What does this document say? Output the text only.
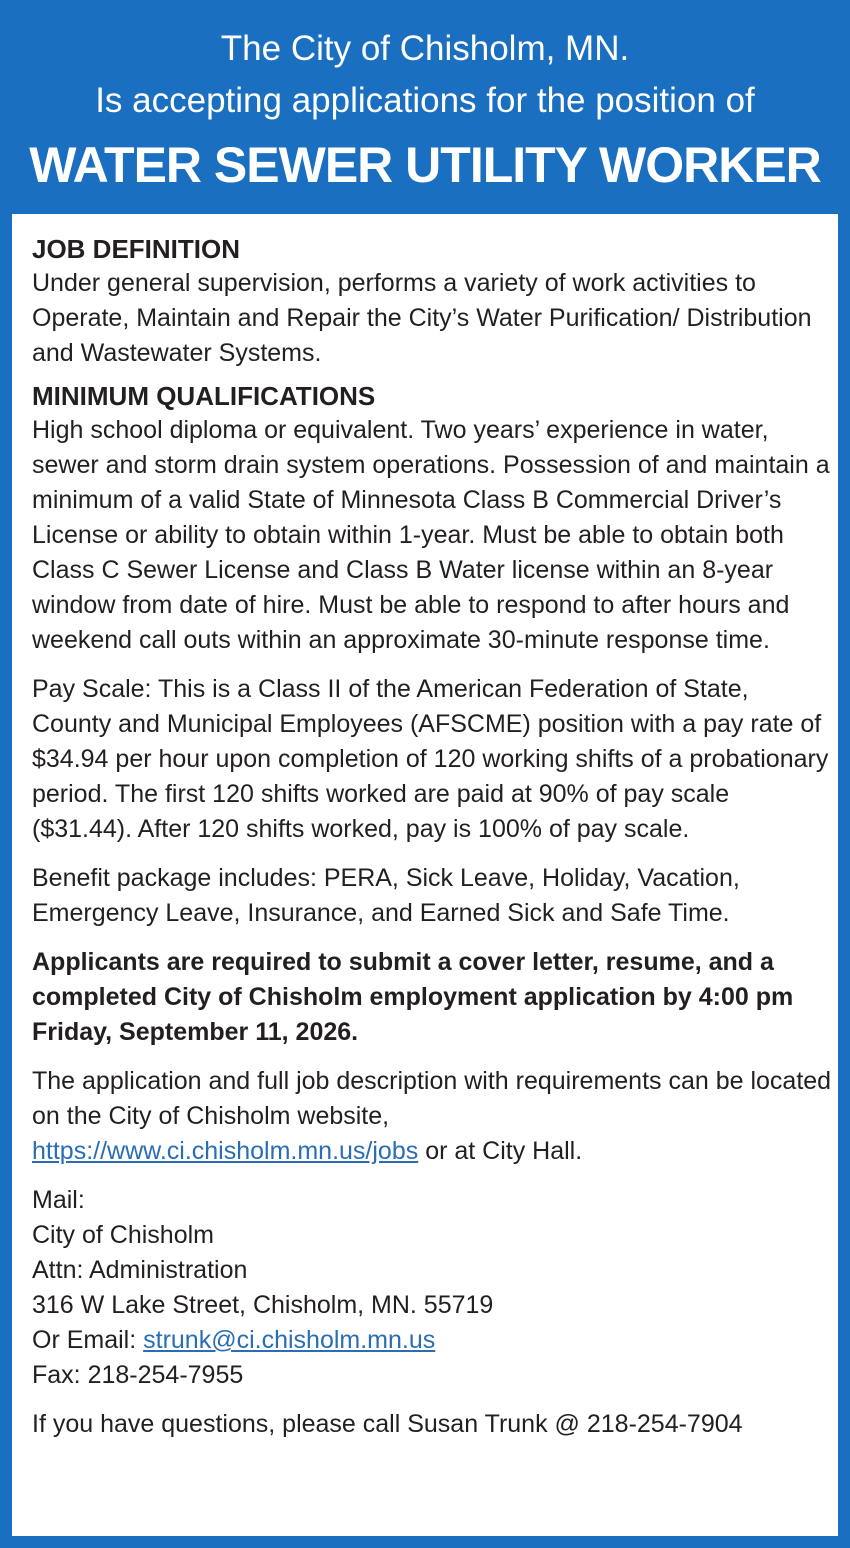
The City of Chisholm, MN.
Is accepting applications for the position of
WATER SEWER UTILITY WORKER
JOB DEFINITION

Under general supervision, performs a variety of work activities to Operate, Maintain and Repair the City’s Water Purification/ Distribution and Wastewater Systems.

MINIMUM QUALIFICATIONS

High school diploma or equivalent. Two years’ experience in water, sewer and storm drain system operations. Possession of and maintain a minimum of a valid State of Minnesota Class B Commercial Driver’s License or ability to obtain within 1-year. Must be able to obtain both Class C Sewer License and Class B Water license within an 8-year window from date of hire. Must be able to respond to after hours and weekend call outs within an approximate 30-minute response time.

Pay Scale: This is a Class II of the American Federation of State, County and Municipal Employees (AFSCME) position with a pay rate of $34.94 per hour upon completion of 120 working shifts of a probationary period. The first 120 shifts worked are paid at 90% of pay scale ($31.44). After 120 shifts worked, pay is 100% of pay scale.

Benefit package includes: PERA, Sick Leave, Holiday, Vacation, Emergency Leave, Insurance, and Earned Sick and Safe Time.

Applicants are required to submit a cover letter, resume, and a completed City of Chisholm employment application by 4:00 pm Friday, September 11, 2026.

The application and full job description with requirements can be located on the City of Chisholm website,
https://www.ci.chisholm.mn.us/jobs or at City Hall.

Mail:
City of Chisholm
Attn: Administration
316 W Lake Street, Chisholm, MN. 55719
Or Email: strunk@ci.chisholm.mn.us
Fax: 218-254-7955

If you have questions, please call Susan Trunk @ 218-254-7904
